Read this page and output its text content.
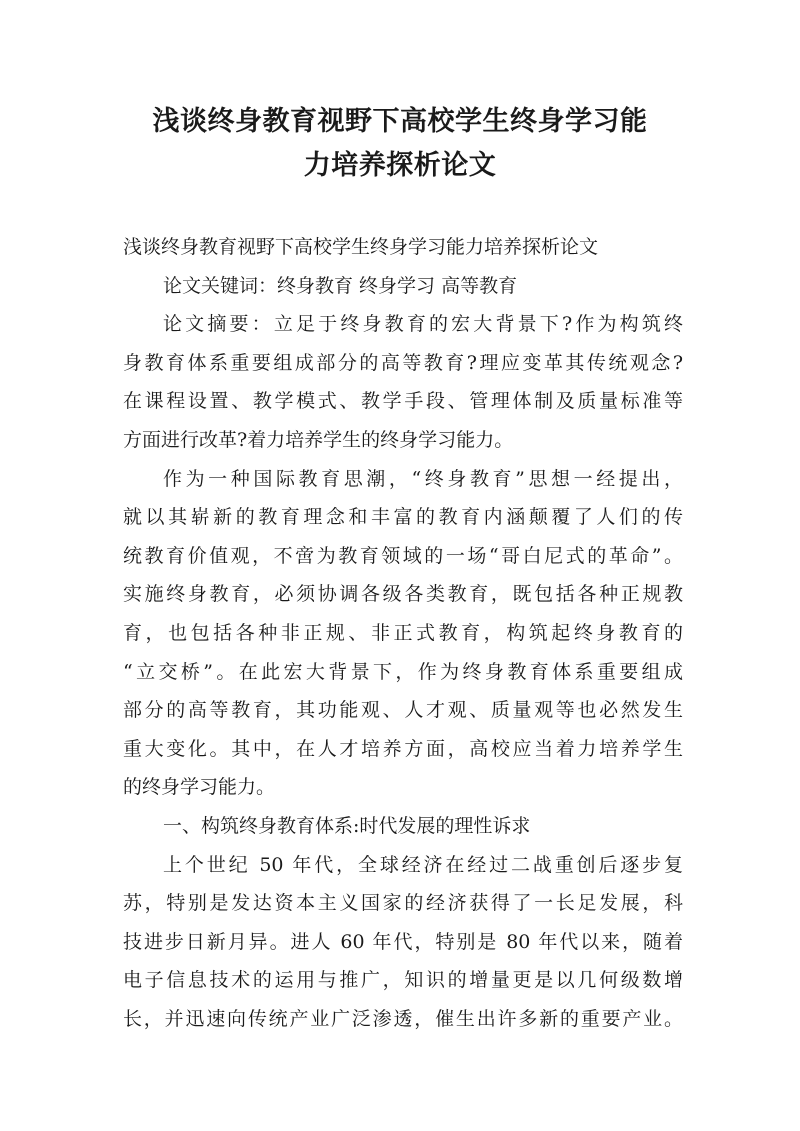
浅谈终身教育视野下高校学生终身学习能
力培养探析论文
浅谈终身教育视野下高校学生终身学习能力培养探析论文
论文关键词：终身教育 终身学习 高等教育
论文摘要：立足于终身教育的宏大背景下?作为构筑终
身教育体系重要组成部分的高等教育?理应变革其传统观念?
在课程设置、教学模式、教学手段、管理体制及质量标准等
方面进行改革?着力培养学生的终身学习能力。
作为一种国际教育思潮，“终身教育”思想一经提出，
就以其崭新的教育理念和丰富的教育内涵颠覆了人们的传
统教育价值观，不啻为教育领域的一场“哥白尼式的革命”。
实施终身教育，必须协调各级各类教育，既包括各种正规教
育，也包括各种非正规、非正式教育，构筑起终身教育的
“立交桥”。在此宏大背景下，作为终身教育体系重要组成
部分的高等教育，其功能观、人才观、质量观等也必然发生
重大变化。其中，在人才培养方面，高校应当着力培养学生
的终身学习能力。
一、构筑终身教育体系:时代发展的理性诉求
上个世纪 50 年代，全球经济在经过二战重创后逐步复
苏，特别是发达资本主义国家的经济获得了一长足发展，科
技进步日新月异。进人 60 年代，特别是 80 年代以来，随着
电子信息技术的运用与推广，知识的增量更是以几何级数增
长，并迅速向传统产业广泛渗透，催生出许多新的重要产业。
